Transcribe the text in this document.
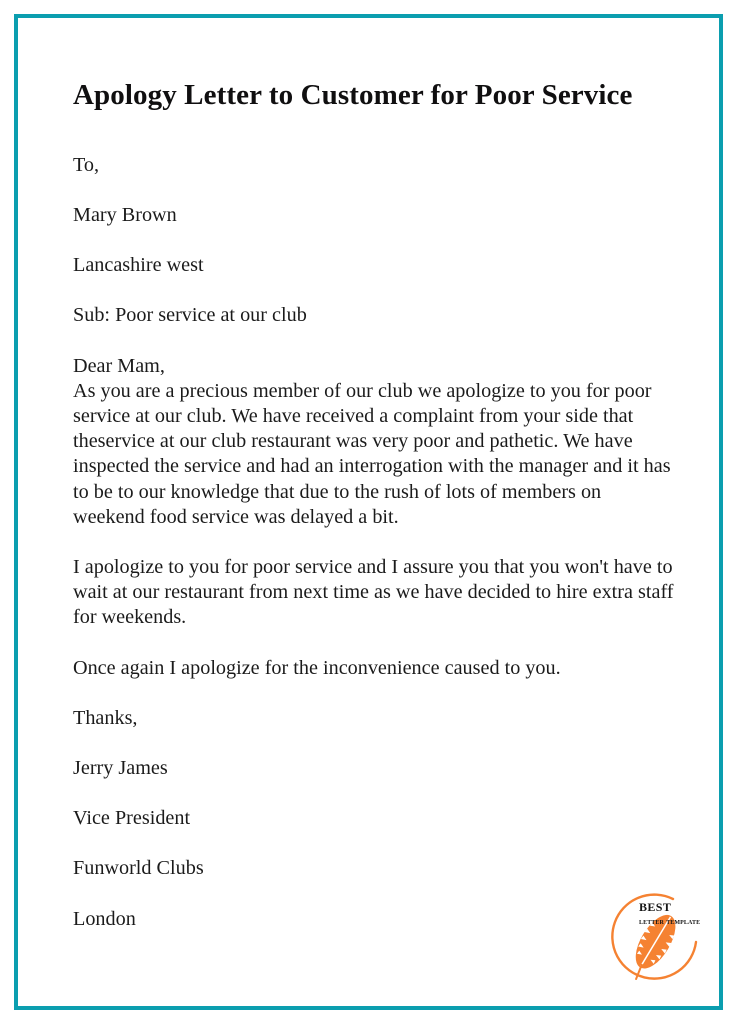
Apology Letter to Customer for Poor Service

To,

Mary Brown

Lancashire west

Sub: Poor service at our club

Dear Mam,

As you are a precious member of our club we apologize to you for poor service at our club. We have received a complaint from your side that theservice at our club restaurant was very poor and pathetic. We have inspected the service and had an interrogation with the manager and it has to be to our knowledge that due to the rush of lots of members on weekend food service was delayed a bit.

I apologize to you for poor service and I assure you that you won't have to wait at our restaurant from next time as we have decided to hire extra staff for weekends.

Once again I apologize for the inconvenience caused to you.

Thanks,

Jerry James

Vice President

Funworld Clubs

London

best
letter template
